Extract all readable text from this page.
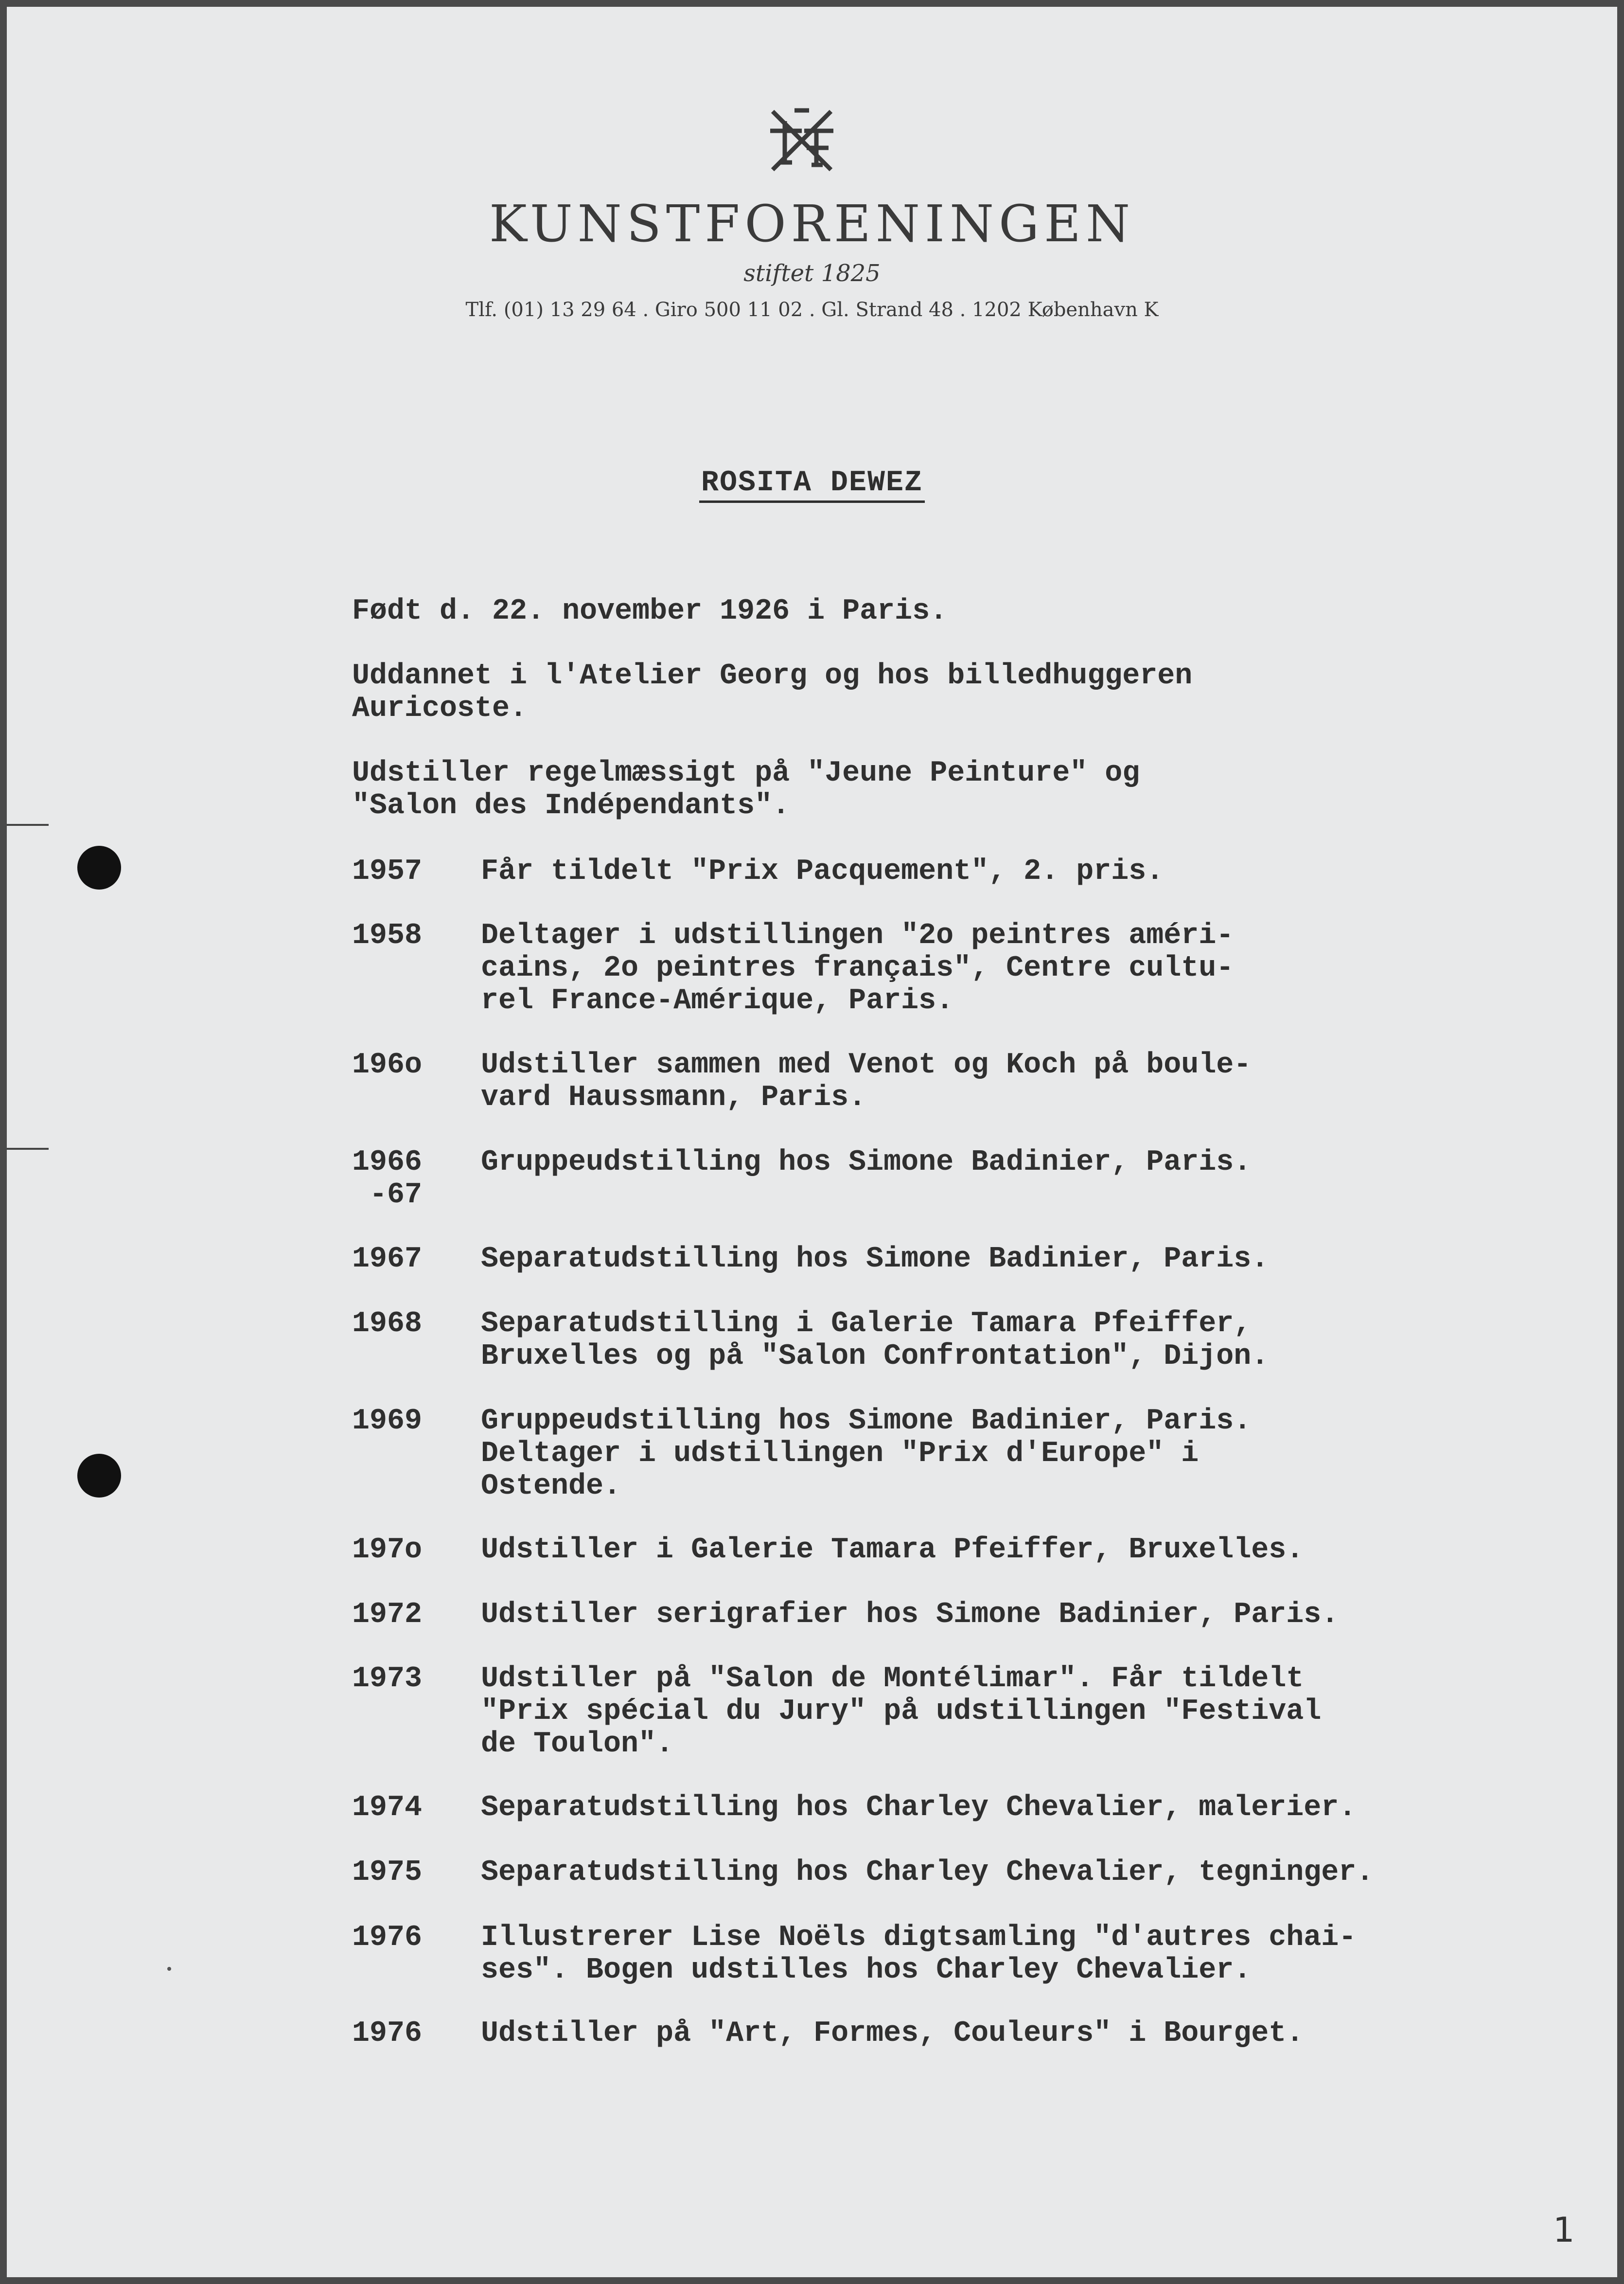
KUNSTFORENINGEN
stiftet 1825
Tlf. (01) 13 29 64 . Giro 500 11 02 . Gl. Strand 48 . 1202 København K
ROSITA DEWEZ
Født d. 22. november 1926 i Paris.
Uddannet i l'Atelier Georg og hos billedhuggeren
Auricoste.
Udstiller regelmæssigt på "Jeune Peinture" og
"Salon des Indépendants".

1957

	Får tildelt "Prix Pacquement", 2. pris.

1958

	Deltager i udstillingen "2o peintres améri-
cains, 2o peintres français", Centre cultu-
rel France-Amérique, Paris.

196o

	Udstiller sammen med Venot og Koch på boule-
vard Haussmann, Paris.

1966
-67

Gruppeudstilling hos Simone Badinier, Paris.

1967

	Separatudstilling hos Simone Badinier, Paris.

1968

	Separatudstilling i Galerie Tamara Pfeiffer,
Bruxelles og på "Salon Confrontation", Dijon.

1969

	Gruppeudstilling hos Simone Badinier, Paris.
Deltager i udstillingen "Prix d'Europe" i
Ostende.

197o

	Udstiller i Galerie Tamara Pfeiffer, Bruxelles.

1972

	Udstiller serigrafier hos Simone Badinier, Paris.

1973

	Udstiller på "Salon de Montélimar". Får tildelt
"Prix spécial du Jury" på udstillingen "Festival
de Toulon".

1974

	Separatudstilling hos Charley Chevalier, malerier.

1975

	Separatudstilling hos Charley Chevalier, tegninger.

1976

	Illustrerer Lise Noëls digtsamling "d'autres chai-
ses". Bogen udstilles hos Charley Chevalier.

1976

	Udstiller på "Art, Formes, Couleurs" i Bourget.

1
